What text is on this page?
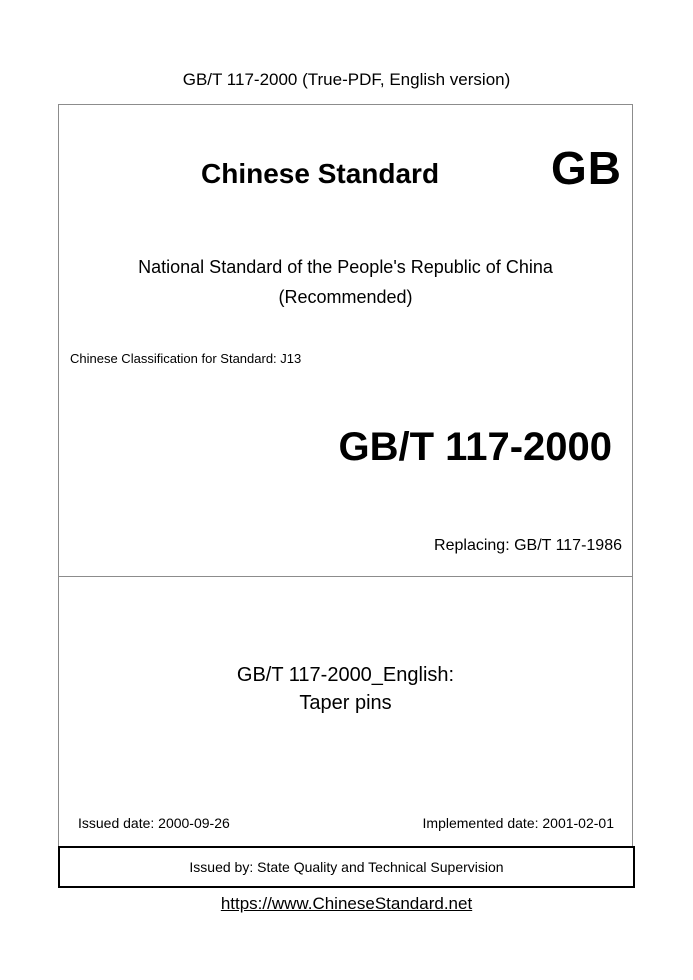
GB/T 117-2000 (True-PDF, English version)
Chinese Standard GB
National Standard of the People's Republic of China
(Recommended)
Chinese Classification for Standard: J13
GB/T 117-2000
Replacing: GB/T 117-1986
GB/T 117-2000_English:
Taper pins
Issued date: 2000-09-26	Implemented date: 2001-02-01
Issued by: State Quality and Technical Supervision
https://www.ChineseStandard.net
